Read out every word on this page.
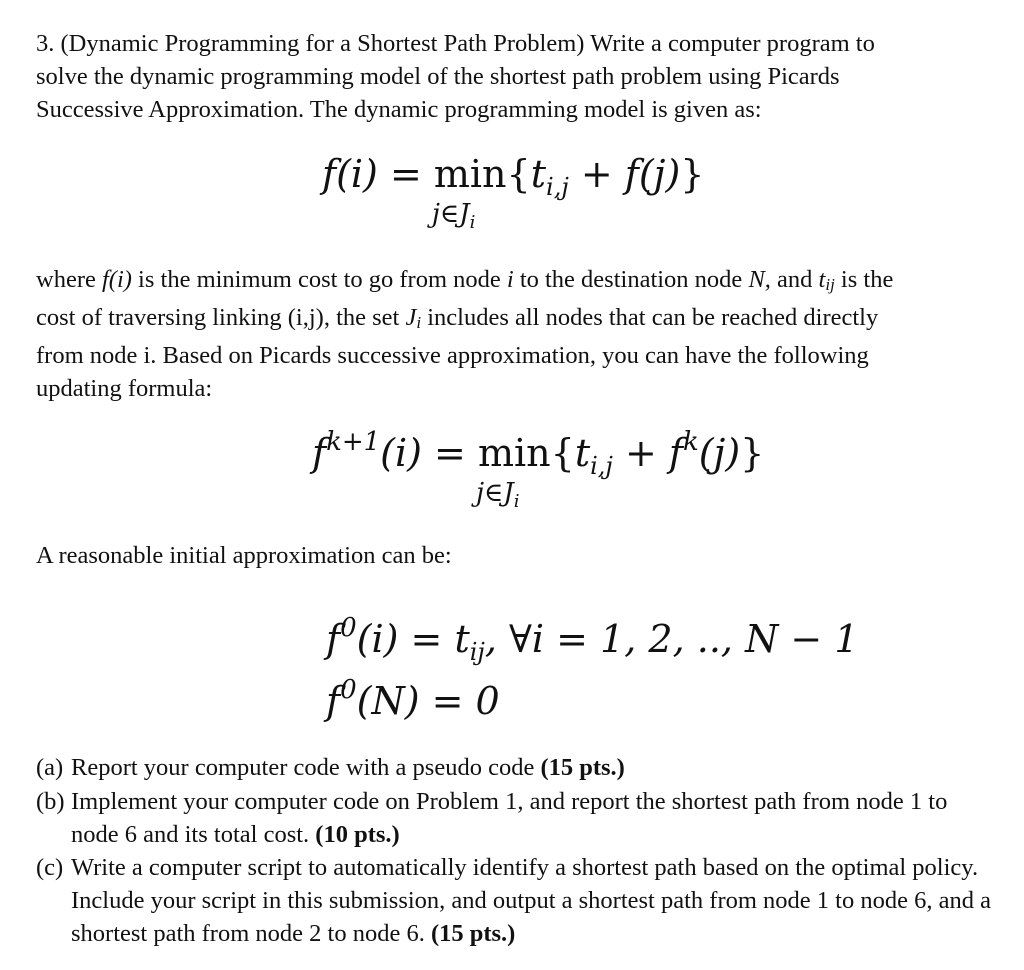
3. (Dynamic Programming for a Shortest Path Problem) Write a computer program to
solve the dynamic programming model of the shortest path problem using Picards
Successive Approximation. The dynamic programming model is given as:
f(i) = min
$j\in J_i$
$\{t_{i,j} + f(j)\}$
where f(i) is the minimum cost to go from node i to the destination node N, and tij is the
cost of traversing linking (i,j), the set Ji includes all nodes that can be reached directly
from node i. Based on Picards successive approximation, you can have the following
updating formula:
$f^{k+1}(i) = \min$
$j\in J_i$
$\{t_{i,j} + f^k(j)\}$
A reasonable initial approximation can be:
$f^0(i) = t_{ij}$, ∀i = 1, 2, .., N − 1
$f^0(N) = 0$
(a) Report your computer code with a pseudo code (15 pts.)
(b) Implement your computer code on Problem 1, and report the shortest path from node 1 to node 6 and its total cost. (10 pts.)
(c) Write a computer script to automatically identify a shortest path based on the optimal policy. Include your script in this submission, and output a shortest path from node 1 to node 6, and a shortest path from node 2 to node 6. (15 pts.)
